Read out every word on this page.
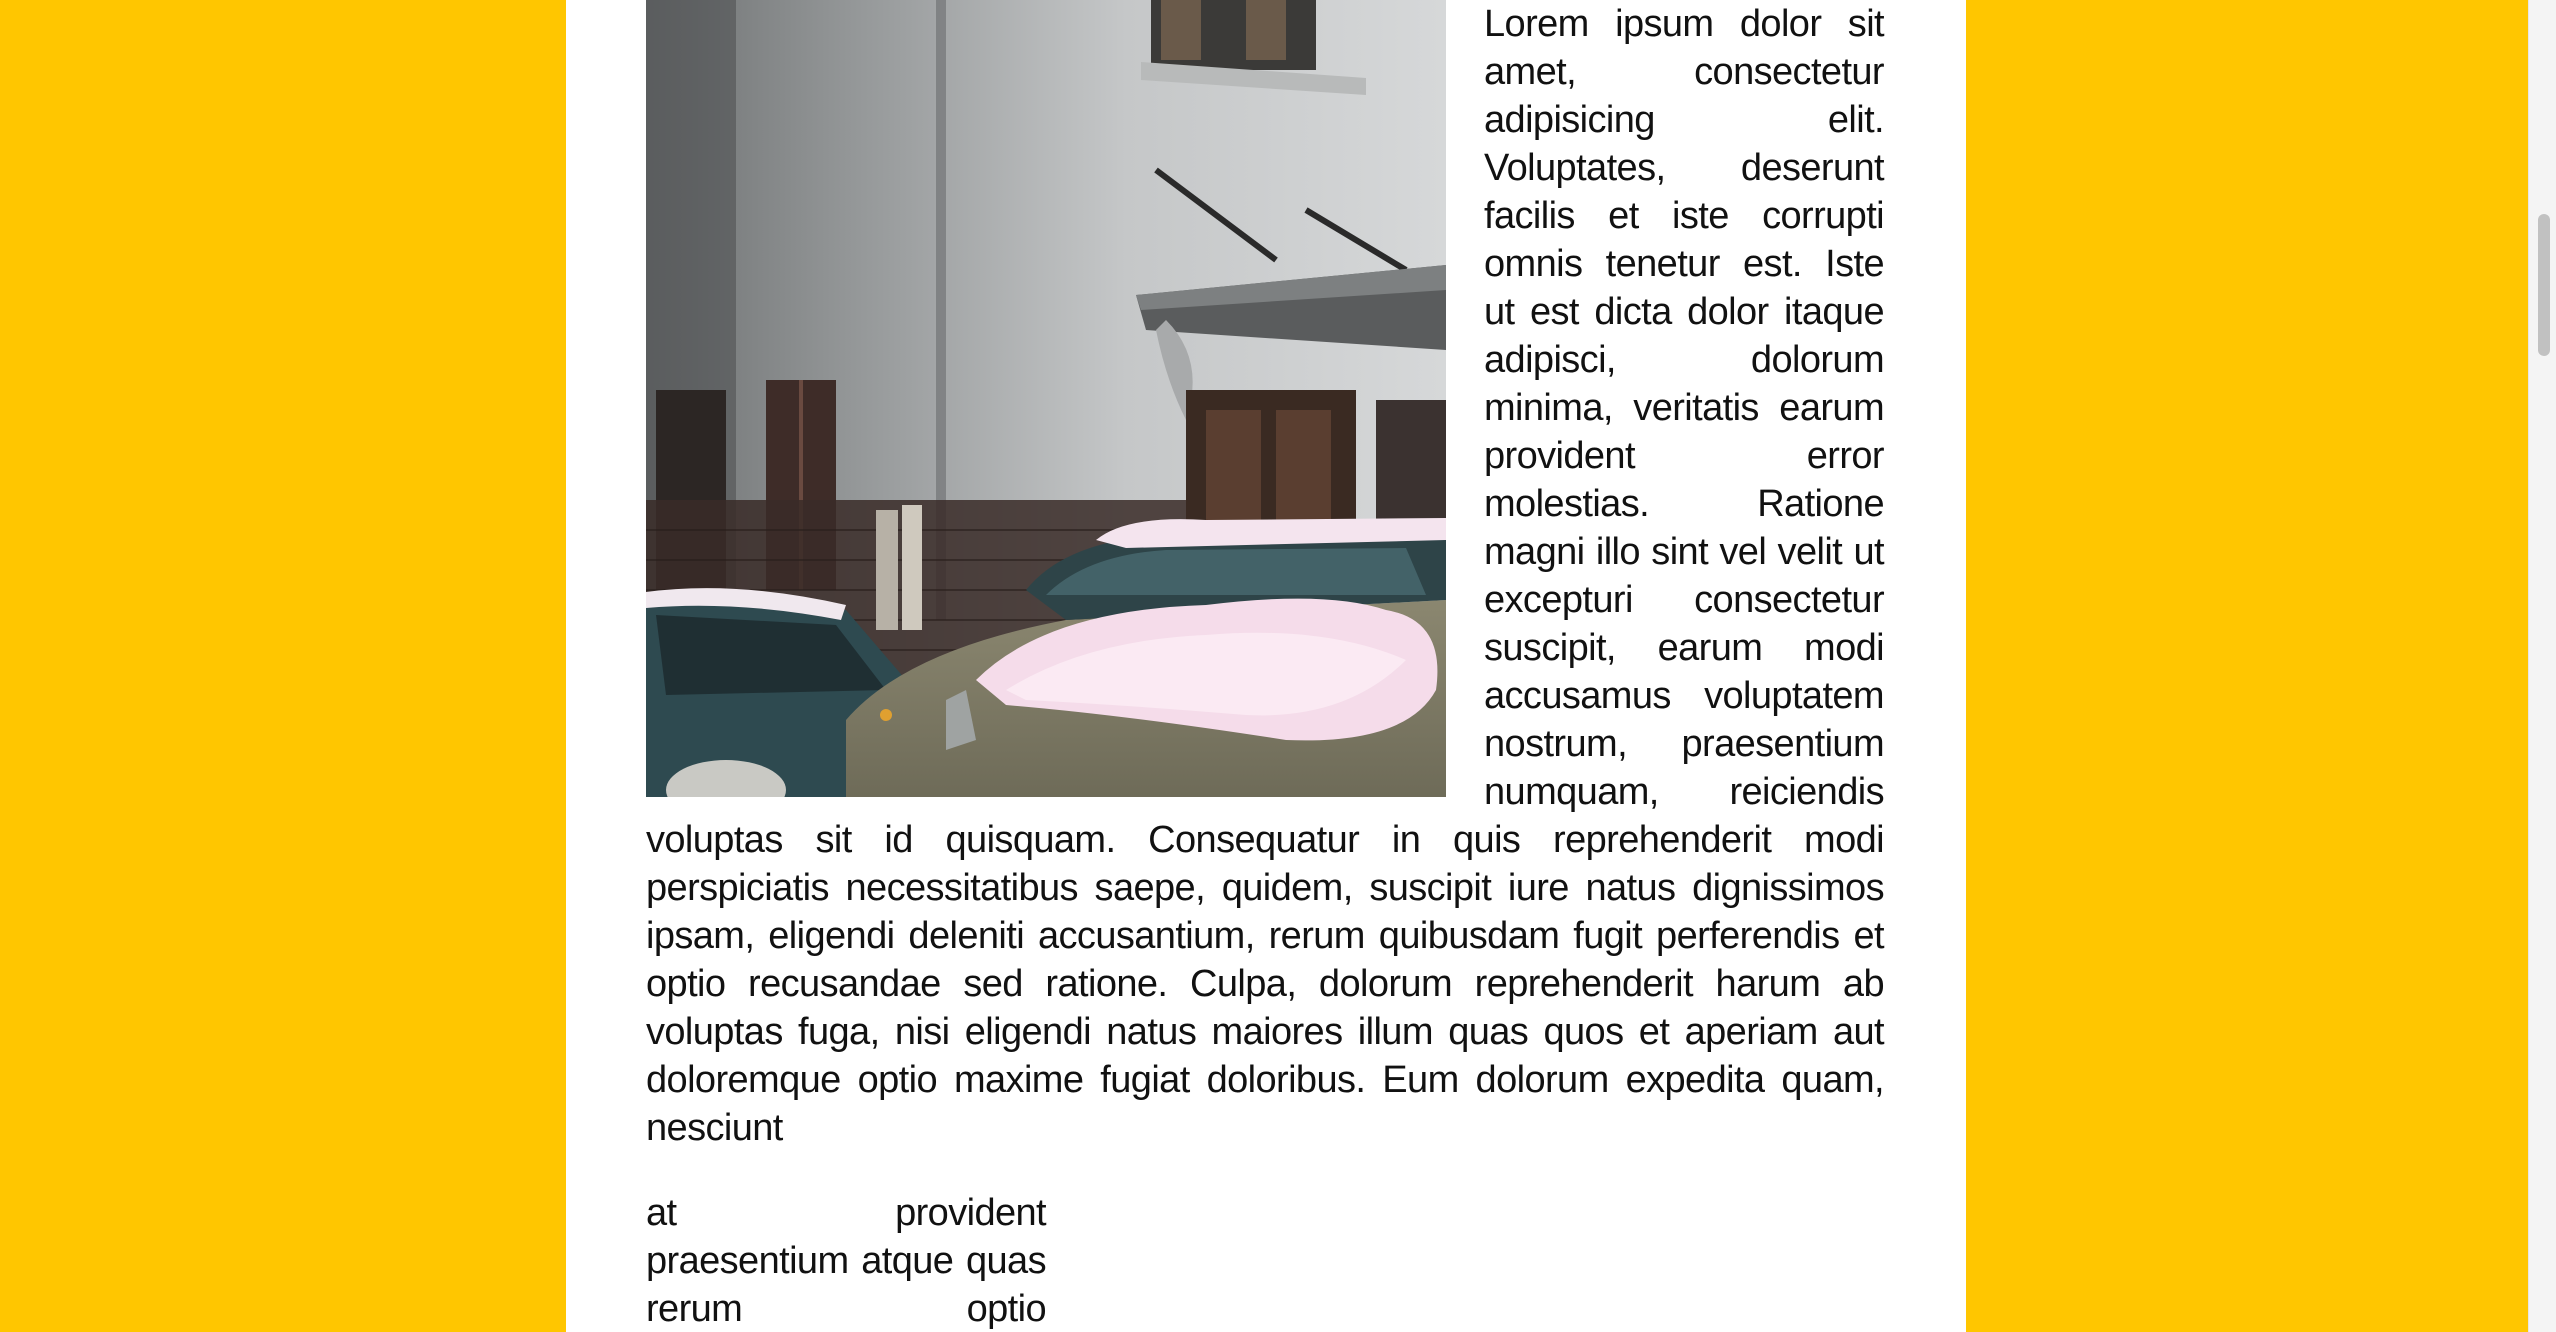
Lorem ipsum dolor sit amet, consectetur adipisicing elit. Voluptates, deserunt facilis et iste corrupti omnis tenetur est. Iste ut est dicta dolor itaque adipisci, dolorum minima, veritatis earum provident error molestias. Ratione magni illo sint vel velit ut excepturi consectetur suscipit, earum modi accusamus voluptatem nostrum, praesentium numquam, reiciendis voluptas sit id quisquam. Consequatur in quis reprehenderit modi perspiciatis necessitatibus saepe, quidem, suscipit iure natus dignissimos ipsam, eligendi deleniti accusantium, rerum quibusdam fugit perferendis et optio recusandae sed ratione. Culpa, dolorum reprehenderit harum ab voluptas fuga, nisi eligendi natus maiores illum quas quos et aperiam aut doloremque optio maxime fugiat doloribus. Eum dolorum expedita quam, nesciunt

at provident praesentium atque quas rerum optio
